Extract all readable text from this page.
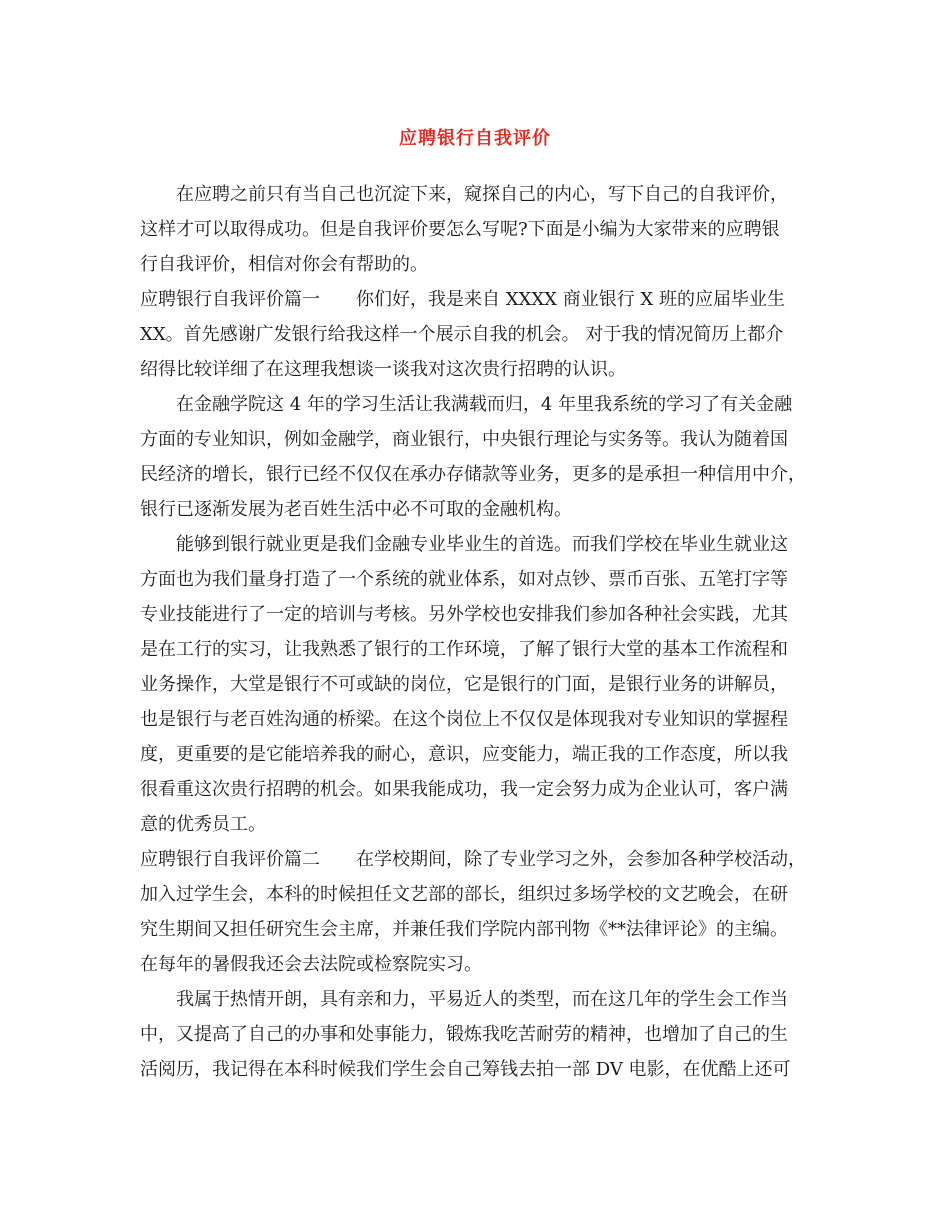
应聘银行自我评价
在应聘之前只有当自己也沉淀下来，窥探自己的内心，写下自己的自我评价，
这样才可以取得成功。但是自我评价要怎么写呢?下面是小编为大家带来的应聘银
行自我评价，相信对你会有帮助的。
应聘银行自我评价篇一　　你们好，我是来自 XXXX 商业银行 X 班的应届毕业生
XX。首先感谢广发银行给我这样一个展示自我的机会。 对于我的情况简历上都介
绍得比较详细了在这理我想谈一谈我对这次贵行招聘的认识。
在金融学院这 4 年的学习生活让我满载而归，4 年里我系统的学习了有关金融
方面的专业知识，例如金融学，商业银行，中央银行理论与实务等。我认为随着国
民经济的增长，银行已经不仅仅在承办存储款等业务，更多的是承担一种信用中介，
银行已逐渐发展为老百姓生活中必不可取的金融机构。
能够到银行就业更是我们金融专业毕业生的首选。而我们学校在毕业生就业这
方面也为我们量身打造了一个系统的就业体系，如对点钞、票币百张、五笔打字等
专业技能进行了一定的培训与考核。另外学校也安排我们参加各种社会实践，尤其
是在工行的实习，让我熟悉了银行的工作环境，了解了银行大堂的基本工作流程和
业务操作，大堂是银行不可或缺的岗位，它是银行的门面，是银行业务的讲解员，
也是银行与老百姓沟通的桥梁。在这个岗位上不仅仅是体现我对专业知识的掌握程
度，更重要的是它能培养我的耐心，意识，应变能力，端正我的工作态度，所以我
很看重这次贵行招聘的机会。如果我能成功，我一定会努力成为企业认可，客户满
意的优秀员工。
应聘银行自我评价篇二　　在学校期间，除了专业学习之外，会参加各种学校活动，
加入过学生会，本科的时候担任文艺部的部长，组织过多场学校的文艺晚会，在研
究生期间又担任研究生会主席，并兼任我们学院内部刊物《**法律评论》的主编。
在每年的暑假我还会去法院或检察院实习。
我属于热情开朗，具有亲和力，平易近人的类型，而在这几年的学生会工作当
中，又提高了自己的办事和处事能力，锻炼我吃苦耐劳的精神，也增加了自己的生
活阅历，我记得在本科时候我们学生会自己筹钱去拍一部 DV 电影，在优酷上还可
